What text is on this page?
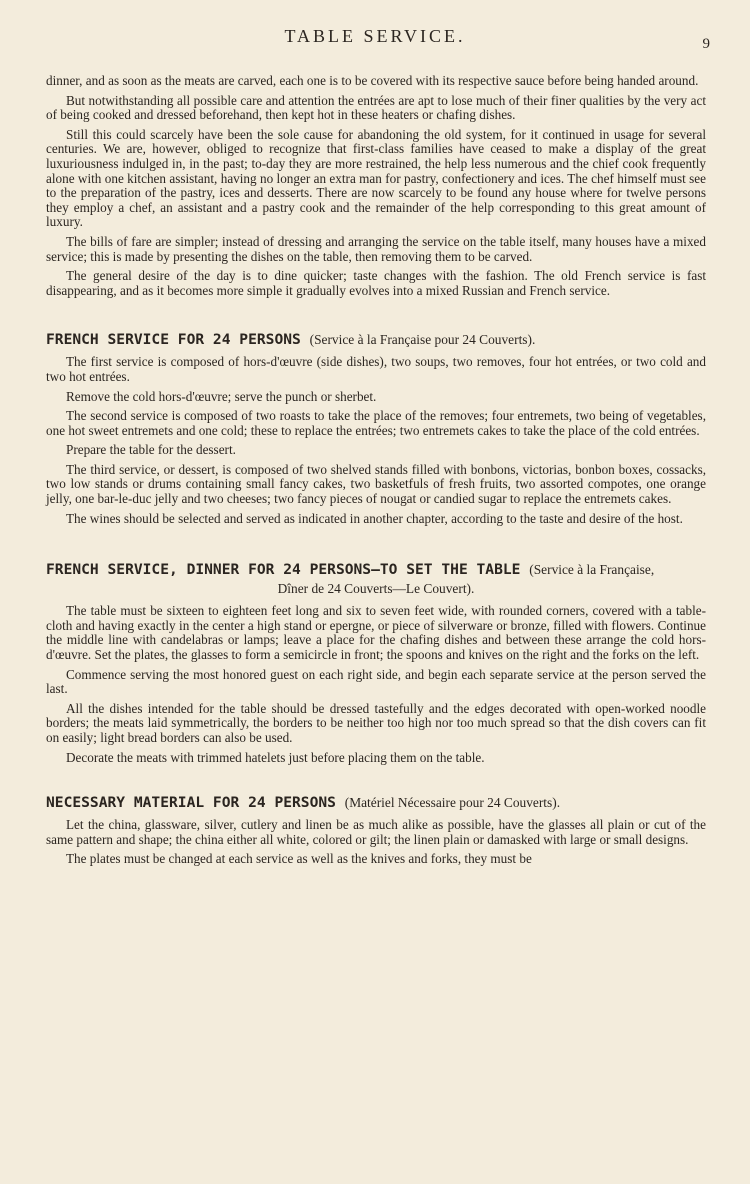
TABLE SERVICE.	9

dinner, and as soon as the meats are carved, each one is to be covered with its respective sauce before being handed around.

But notwithstanding all possible care and attention the entrées are apt to lose much of their finer qualities by the very act of being cooked and dressed beforehand, then kept hot in these heaters or chafing dishes.

Still this could scarcely have been the sole cause for abandoning the old system, for it continued in usage for several centuries. We are, however, obliged to recognize that first-class families have ceased to make a display of the great luxuriousness indulged in, in the past; to-day they are more restrained, the help less numerous and the chief cook frequently alone with one kitchen assistant, having no longer an extra man for pastry, confectionery and ices. The chef himself must see to the preparation of the pastry, ices and desserts. There are now scarcely to be found any house where for twelve persons they employ a chef, an assistant and a pastry cook and the remainder of the help corresponding to this great amount of luxury.

The bills of fare are simpler; instead of dressing and arranging the service on the table itself, many houses have a mixed service; this is made by presenting the dishes on the table, then removing them to be carved.

The general desire of the day is to dine quicker; taste changes with the fashion. The old French service is fast disappearing, and as it becomes more simple it gradually evolves into a mixed Russian and French service.

FRENCH SERVICE FOR 24 PERSONS (Service à la Française pour 24 Couverts).

The first service is composed of hors-d'œuvre (side dishes), two soups, two removes, four hot entrées, or two cold and two hot entrées.

Remove the cold hors-d'œuvre; serve the punch or sherbet.

The second service is composed of two roasts to take the place of the removes; four entremets, two being of vegetables, one hot sweet entremets and one cold; these to replace the entrées; two entremets cakes to take the place of the cold entrées.

Prepare the table for the dessert.

The third service, or dessert, is composed of two shelved stands filled with bonbons, victorias, bonbon boxes, cossacks, two low stands or drums containing small fancy cakes, two basketfuls of fresh fruits, two assorted compotes, one orange jelly, one bar-le-duc jelly and two cheeses; two fancy pieces of nougat or candied sugar to replace the entremets cakes.

The wines should be selected and served as indicated in another chapter, according to the taste and desire of the host.

FRENCH SERVICE, DINNER FOR 24 PERSONS—TO SET THE TABLE (Service à la Française,
Dîner de 24 Couverts—Le Couvert).

The table must be sixteen to eighteen feet long and six to seven feet wide, with rounded corners, covered with a table-cloth and having exactly in the center a high stand or epergne, or piece of silverware or bronze, filled with flowers. Continue the middle line with candelabras or lamps; leave a place for the chafing dishes and between these arrange the cold hors-d'œuvre. Set the plates, the glasses to form a semicircle in front; the spoons and knives on the right and the forks on the left.

Commence serving the most honored guest on each right side, and begin each separate service at the person served the last.

All the dishes intended for the table should be dressed tastefully and the edges decorated with open-worked noodle borders; the meats laid symmetrically, the borders to be neither too high nor too much spread so that the dish covers can fit on easily; light bread borders can also be used.

Decorate the meats with trimmed hatelets just before placing them on the table.

NECESSARY MATERIAL FOR 24 PERSONS (Matériel Nécessaire pour 24 Couverts).

Let the china, glassware, silver, cutlery and linen be as much alike as possible, have the glasses all plain or cut of the same pattern and shape; the china either all white, colored or gilt; the linen plain or damasked with large or small designs.

The plates must be changed at each service as well as the knives and forks, they must be
